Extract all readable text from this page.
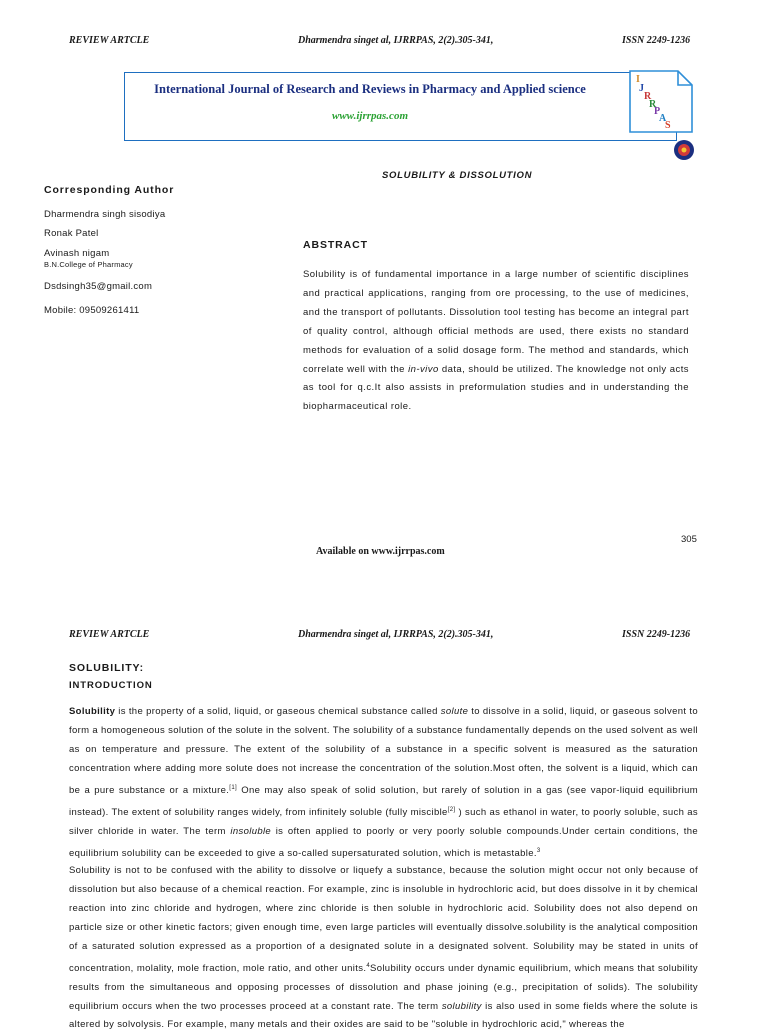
REVIEW ARTCLE	Dharmendra singet al, IJRRPAS, 2(2).305-341,	ISSN 2249-1236
International Journal of Research and Reviews in Pharmacy and Applied science
www.ijrrpas.com
I
J
R
R
P
A
S
SOLUBILITY & DISSOLUTION
Corresponding Author
Dharmendra singh sisodiya
Ronak Patel
Avinash nigam
B.N.College of Pharmacy
Dsdsingh35@gmail.com
Mobile: 09509261411
ABSTRACT

Solubility is of fundamental importance in a large number of scientific disciplines and practical applications, ranging from ore processing, to the use of medicines, and the transport of pollutants. Dissolution tool testing has become an integral part of quality control, although official methods are used, there exists no standard methods for evaluation of a solid dosage form. The method and standards, which correlate well with the in-vivo data, should be utilized. The knowledge not only acts as tool for q.c.It also assists in preformulation studies and in understanding the biopharmaceutical role.

305
Available on www.ijrrpas.com
REVIEW ARTCLE	Dharmendra singet al, IJRRPAS, 2(2).305-341,	ISSN 2249-1236
SOLUBILITY:
INTRODUCTION

Solubility is the property of a solid, liquid, or gaseous chemical substance called solute to dissolve in a solid, liquid, or gaseous solvent to form a homogeneous solution of the solute in the solvent. The solubility of a substance fundamentally depends on the used solvent as well as on temperature and pressure. The extent of the solubility of a substance in a specific solvent is measured as the saturation concentration where adding more solute does not increase the concentration of the solution.Most often, the solvent is a liquid, which can be a pure substance or a mixture.[1] One may also speak of solid solution, but rarely of solution in a gas (see vapor-liquid equilibrium instead). The extent of solubility ranges widely, from infinitely soluble (fully miscible[2] ) such as ethanol in water, to poorly soluble, such as silver chloride in water. The term insoluble is often applied to poorly or very poorly soluble compounds.Under certain conditions, the equilibrium solubility can be exceeded to give a so-called supersaturated solution, which is metastable.$^3$

Solubility is not to be confused with the ability to dissolve or liquefy a substance, because the solution might occur not only because of dissolution but also because of a chemical reaction. For example, zinc is insoluble in hydrochloric acid, but does dissolve in it by chemical reaction into zinc chloride and hydrogen, where zinc chloride is then soluble in hydrochloric acid. Solubility does not also depend on particle size or other kinetic factors; given enough time, even large particles will eventually dissolve.solubility is the analytical composition of a saturated solution expressed as a proportion of a designated solute in a designated solvent. Solubility may be stated in units of concentration, molality, mole fraction, mole ratio, and other units.$^4$Solubility occurs under dynamic equilibrium, which means that solubility results from the simultaneous and opposing processes of dissolution and phase joining (e.g., precipitation of solids). The solubility equilibrium occurs when the two processes proceed at a constant rate. The term solubility is also used in some fields where the solute is altered by solvolysis. For example, many metals and their oxides are said to be "soluble in hydrochloric acid," whereas the
